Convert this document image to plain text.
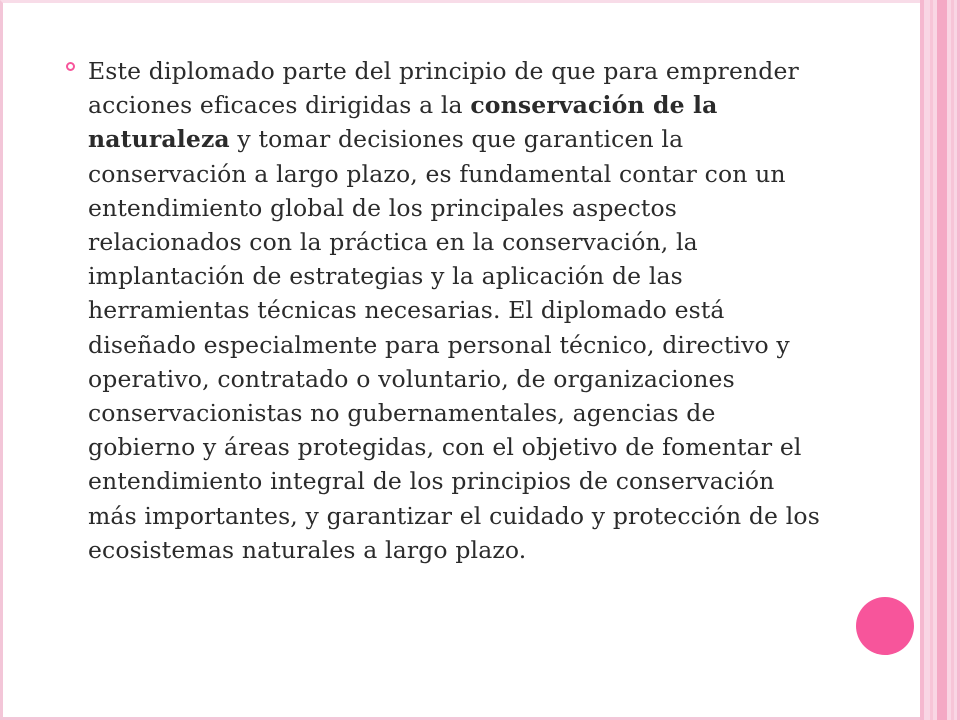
Este diplomado parte del principio de que para emprender acciones eficaces dirigidas a la conservación de la naturaleza y tomar decisiones que garanticen la conservación a largo plazo, es fundamental contar con un entendimiento global de los principales aspectos relacionados con la práctica en la conservación, la implantación de estrategias y la aplicación de las herramientas técnicas necesarias. El diplomado está diseñado especialmente para personal técnico, directivo y operativo, contratado o voluntario, de organizaciones conservacionistas no gubernamentales, agencias de gobierno y áreas protegidas, con el objetivo de fomentar el entendimiento integral de los principios de conservación más importantes, y garantizar el cuidado y protección de los ecosistemas naturales a largo plazo.
